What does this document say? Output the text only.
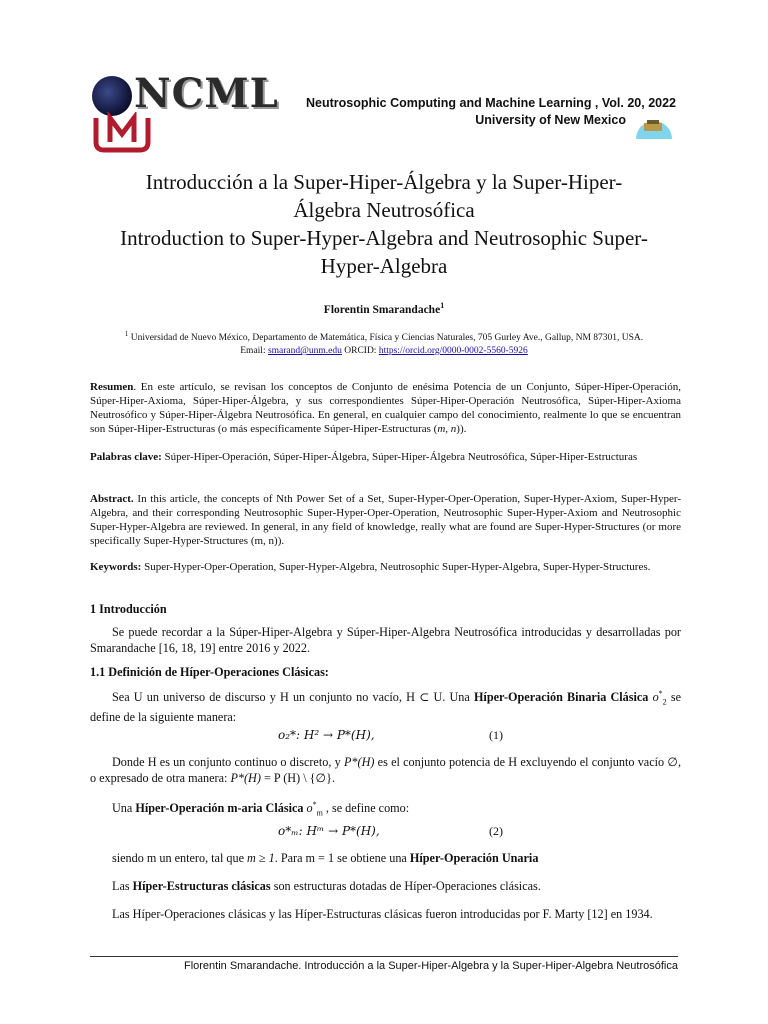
NCML Neutrosophic Computing and Machine Learning , Vol. 20, 2022
University of New Mexico
Introducción a la Super-Hiper-Álgebra y la Super-Hiper-
Álgebra Neutrosófica
Introduction to Super-Hyper-Algebra and Neutrosophic Super-
Hyper-Algebra
Florentin Smarandache$^1$
$^1$ Universidad de Nuevo México, Departamento de Matemática, Física y Ciencias Naturales, 705 Gurley Ave., Gallup, NM 87301, USA.
Email: smarand@unm.edu ORCID: https://orcid.org/0000-0002-5560-5926
Resumen. En este artículo, se revisan los conceptos de Conjunto de enésima Potencia de un Conjunto, Súper-Hiper-Operación, Súper-Hiper-Axioma, Súper-Hiper-Álgebra, y sus correspondientes Súper-Hiper-Operación Neutrosófica, Súper-Hiper-Axioma Neutrosófico y Súper-Hiper-Álgebra Neutrosófica. En general, en cualquier campo del conocimiento, realmente lo que se encuentran son Súper-Hiper-Estructuras (o más específicamente Súper-Hiper-Estructuras (m, n)).
Palabras clave: Súper-Hiper-Operación, Súper-Hiper-Álgebra, Súper-Hiper-Álgebra Neutrosófica, Súper-Hiper-Estructuras
Abstract. In this article, the concepts of Nth Power Set of a Set, Super-Hyper-Oper-Operation, Super-Hyper-Axiom, Super-Hyper-Algebra, and their corresponding Neutrosophic Super-Hyper-Oper-Operation, Neutrosophic Super-Hyper-Axiom and Neutrosophic Super-Hyper-Algebra are reviewed. In general, in any field of knowledge, really what are found are Super-Hyper-Structures (or more specifically Super-Hyper-Structures (m, n)).
Keywords: Super-Hyper-Oper-Operation, Super-Hyper-Algebra, Neutrosophic Super-Hyper-Algebra, Super-Hyper-Structures.
1 Introducción
Se puede recordar a la Súper-Hiper-Algebra y Súper-Hiper-Algebra Neutrosófica introducidas y desarrolladas por Smarandache [16, 18, 19] entre 2016 y 2022.
1.1 Definición de Híper-Operaciones Clásicas:
Sea U un universo de discurso y H un conjunto no vacío, H ⊂ U. Una Híper-Operación Binaria Clásica $o^*_2$ se define de la siguiente manera:
o₂*: H² → P*(H),	(1)
Donde H es un conjunto continuo o discreto, y P*(H) es el conjunto potencia de H excluyendo el conjunto vacío ∅, o expresado de otra manera: P*(H) = P (H) \ {∅}.
Una Híper-Operación m-aria Clásica $o^*_m$ , se define como:
o*ₘ: Hᵐ → P*(H),	(2)
siendo m un entero, tal que m ≥ 1. Para m = 1 se obtiene una Híper-Operación Unaria
Las Híper-Estructuras clásicas son estructuras dotadas de Híper-Operaciones clásicas.
Las Híper-Operaciones clásicas y las Híper-Estructuras clásicas fueron introducidas por F. Marty [12] en 1934.
Florentin Smarandache. Introducción a la Super-Hiper-Algebra y la Super-Hiper-Algebra Neutrosófica
